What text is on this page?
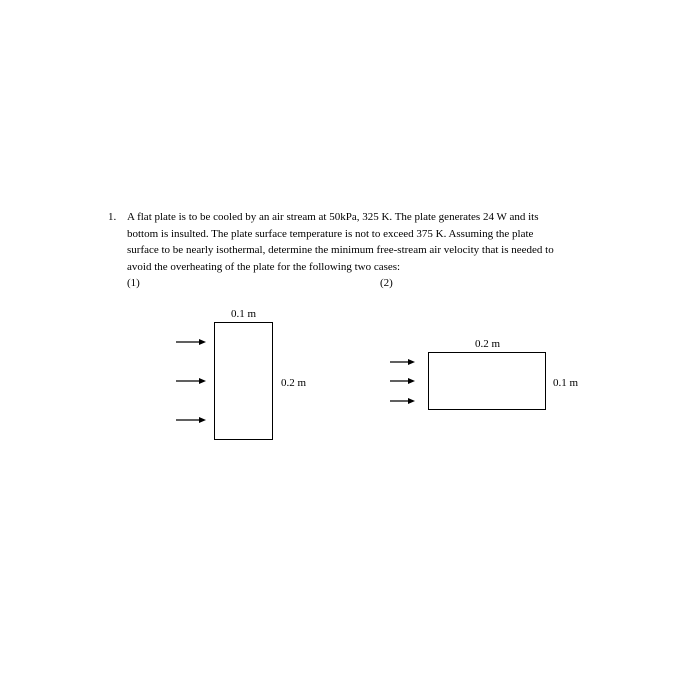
1. A flat plate is to be cooled by an air stream at 50kPa, 325 K. The plate generates 24 W and its
bottom is insulted. The plate surface temperature is not to exceed 375 K. Assuming the plate
surface to be nearly isothermal, determine the minimum free-stream air velocity that is needed to
avoid the overheating of the plate for the following two cases:
(1)	(2)
0.1 m
0.2 m
0.2 m
0.1 m
